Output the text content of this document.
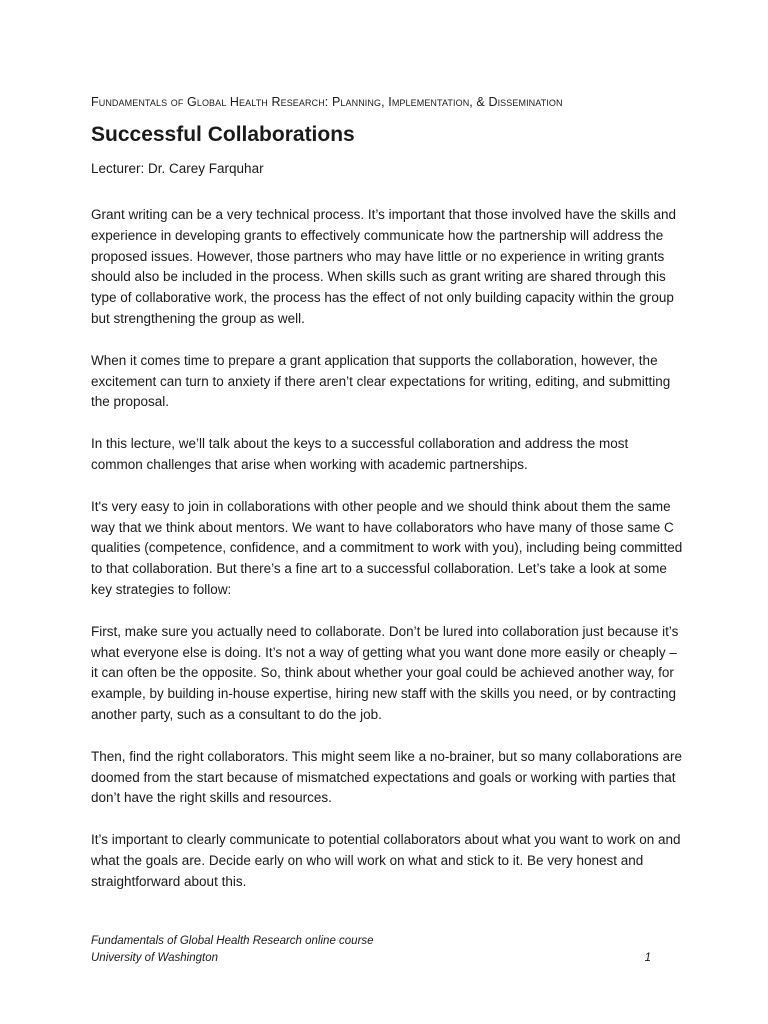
Fundamentals of Global Health Research: Planning, Implementation, & Dissemination
Successful Collaborations
Lecturer: Dr. Carey Farquhar

Grant writing can be a very technical process. It’s important that those involved have the skills and experience in developing grants to effectively communicate how the partnership will address the proposed issues. However, those partners who may have little or no experience in writing grants should also be included in the process. When skills such as grant writing are shared through this type of collaborative work, the process has the effect of not only building capacity within the group but strengthening the group as well.

When it comes time to prepare a grant application that supports the collaboration, however, the excitement can turn to anxiety if there aren’t clear expectations for writing, editing, and submitting the proposal.

In this lecture, we’ll talk about the keys to a successful collaboration and address the most common challenges that arise when working with academic partnerships.

It's very easy to join in collaborations with other people and we should think about them the same way that we think about mentors. We want to have collaborators who have many of those same C qualities (competence, confidence, and a commitment to work with you), including being committed to that collaboration. But there’s a fine art to a successful collaboration. Let’s take a look at some key strategies to follow:

First, make sure you actually need to collaborate. Don’t be lured into collaboration just because it’s what everyone else is doing. It’s not a way of getting what you want done more easily or cheaply – it can often be the opposite. So, think about whether your goal could be achieved another way, for example, by building in-house expertise, hiring new staff with the skills you need, or by contracting another party, such as a consultant to do the job.

Then, find the right collaborators. This might seem like a no-brainer, but so many collaborations are doomed from the start because of mismatched expectations and goals or working with parties that don’t have the right skills and resources.

It’s important to clearly communicate to potential collaborators about what you want to work on and what the goals are. Decide early on who will work on what and stick to it. Be very honest and straightforward about this.

Fundamentals of Global Health Research online course
University of Washington	1
